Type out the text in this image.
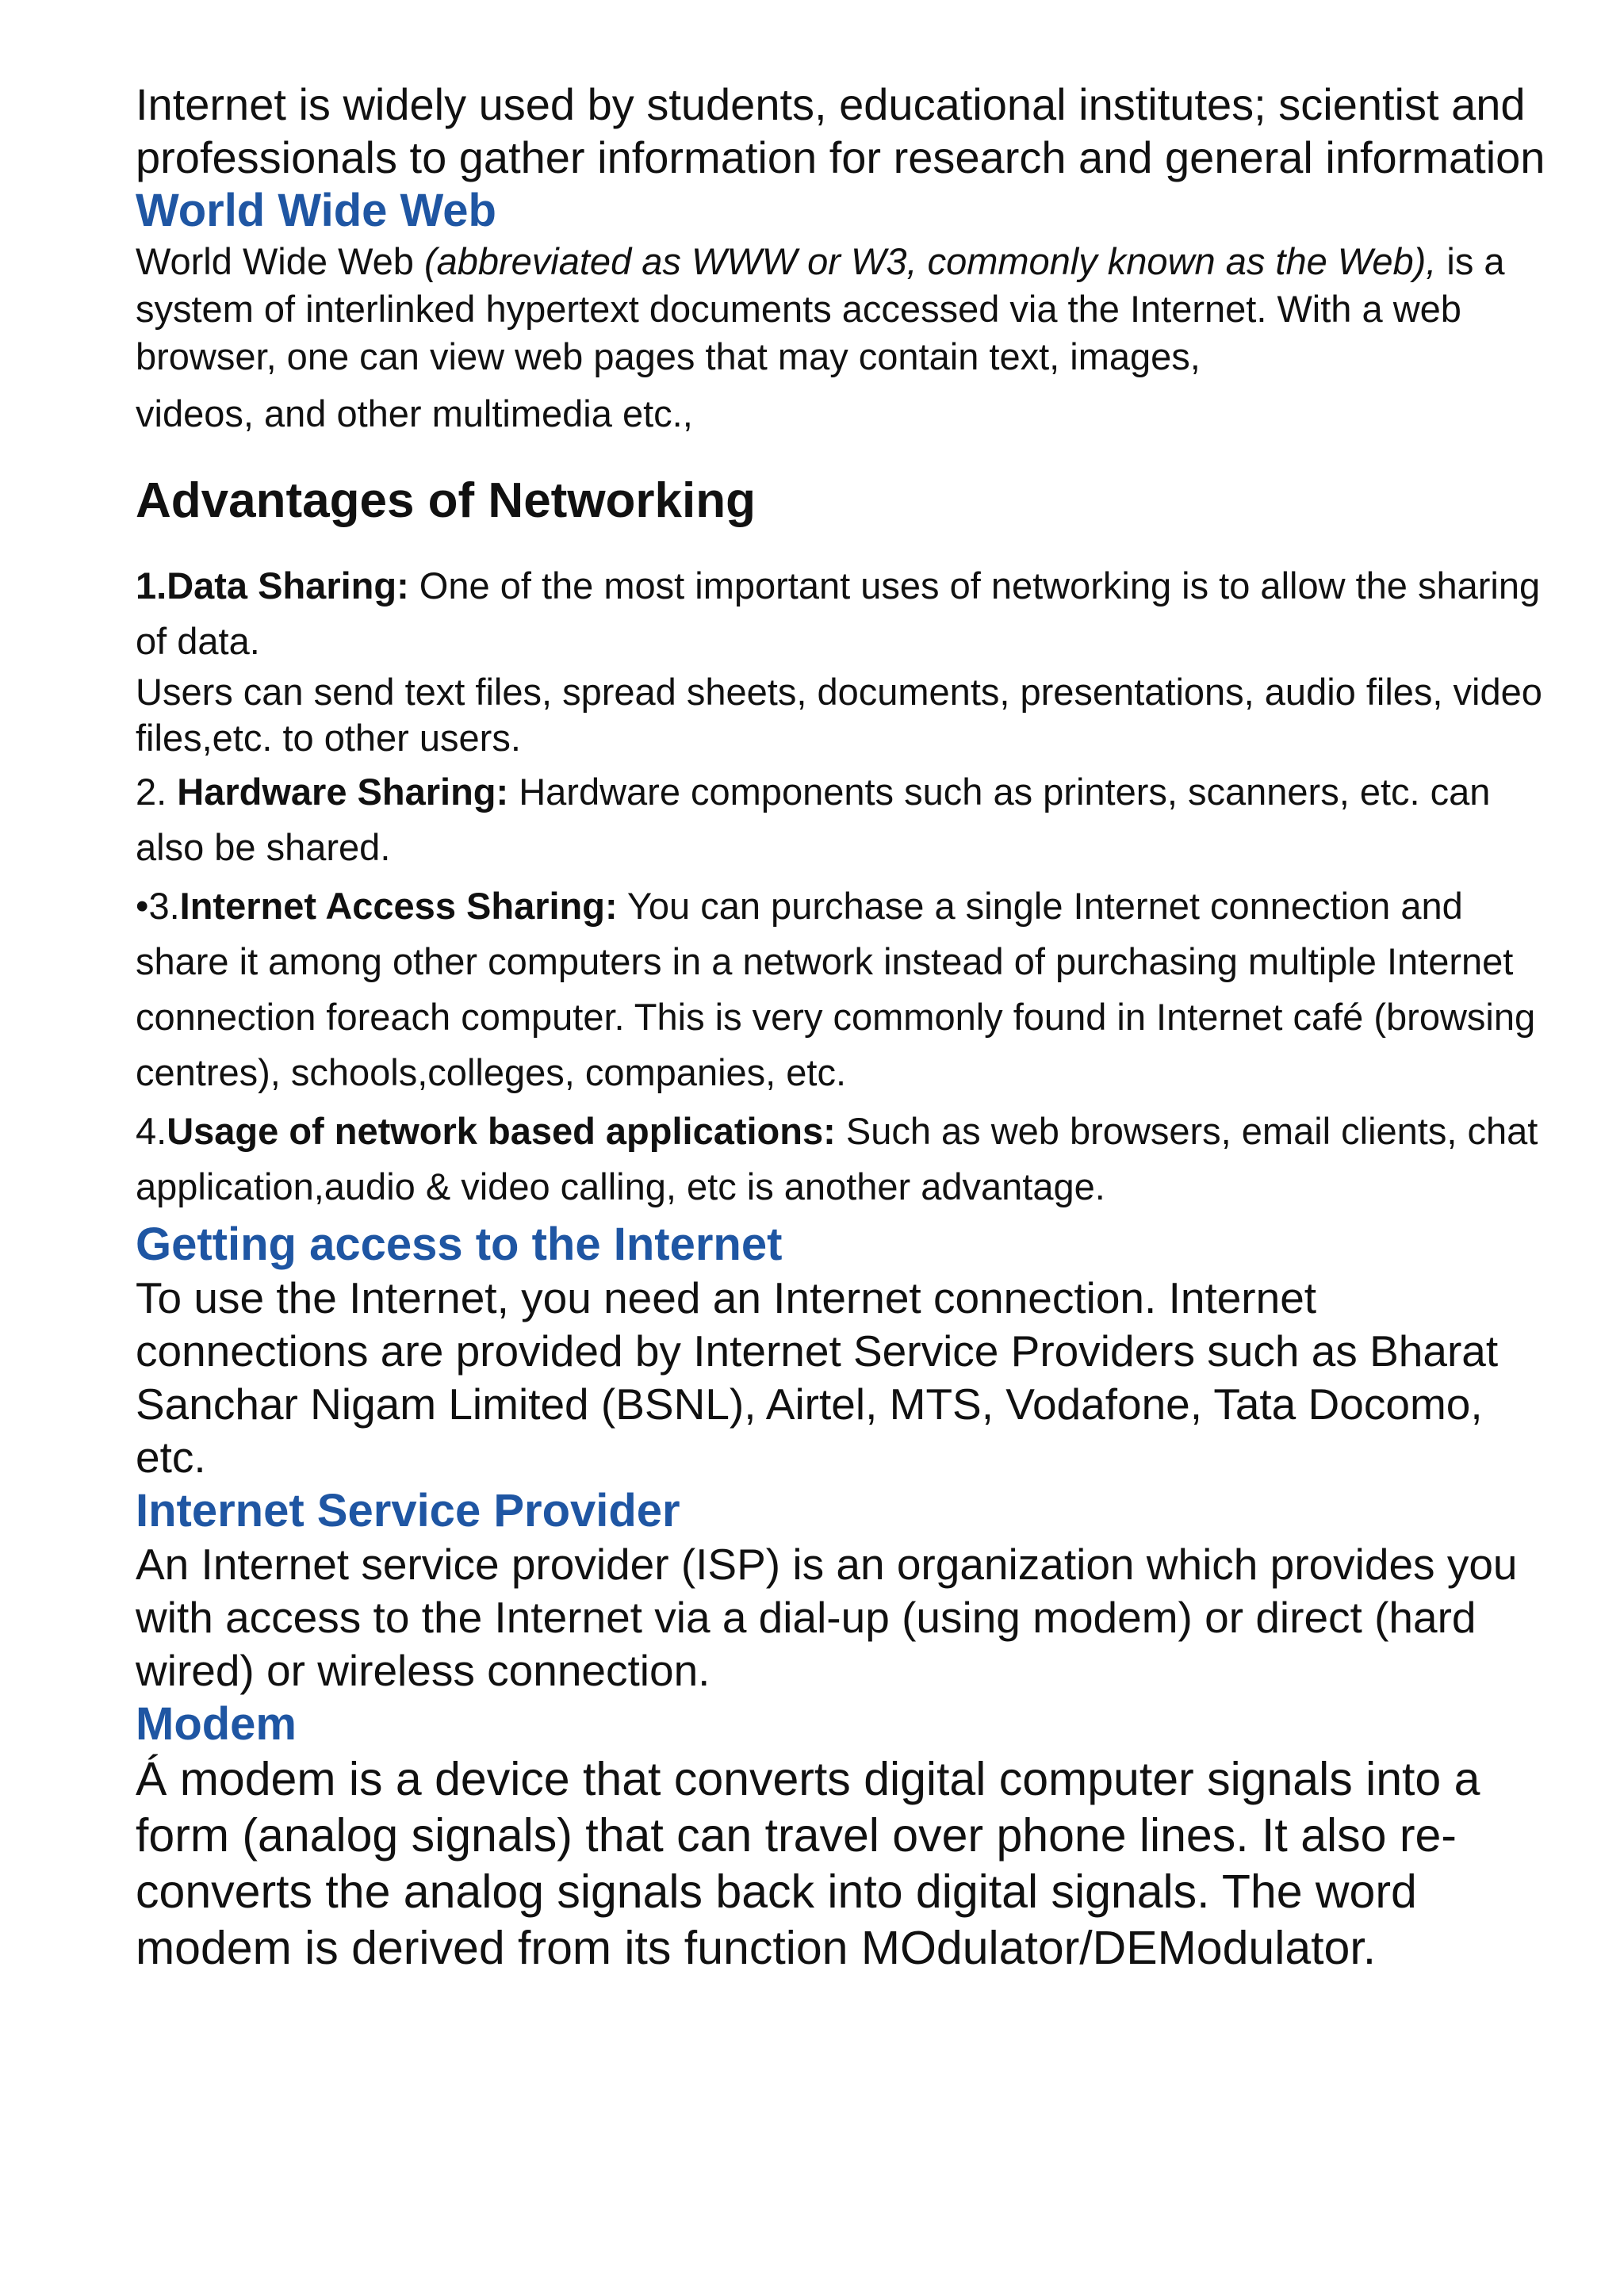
Internet is widely used by students, educational institutes; scientist and professionals to gather information for research and general information

World Wide Web

World Wide Web (abbreviated as WWW or W3, commonly known as the Web), is a system of interlinked hypertext documents accessed via the Internet. With a web browser, one can view web pages that may contain text, images,
videos, and other multimedia etc.,

Advantages of Networking
1.Data Sharing: One of the most important uses of networking is to allow the sharing of data.
Users can send text files, spread sheets, documents, presentations, audio files, video files,etc. to other users.
2. Hardware Sharing: Hardware components such as printers, scanners, etc. can also be shared.
•3.Internet Access Sharing: You can purchase a single Internet connection and share it among other computers in a network instead of purchasing multiple Internet connection foreach computer. This is very commonly found in Internet café (browsing centres), schools,colleges, companies, etc.
4.Usage of network based applications: Such as web browsers, email clients, chat application,audio & video calling, etc is another advantage.
Getting access to the Internet

To use the Internet, you need an Internet connection. Internet connections are provided by Internet Service Providers such as Bharat Sanchar Nigam Limited (BSNL), Airtel, MTS, Vodafone, Tata Docomo, etc.

Internet Service Provider

An Internet service provider (ISP) is an organization which provides you with access to the Internet via a dial-up (using modem) or direct (hard wired) or wireless connection.

Modem

Á modem is a device that converts digital computer signals into a form (analog signals) that can travel over phone lines. It also re-converts the analog signals back into digital signals. The word modem is derived from its function MOdulator/DEModulator.
